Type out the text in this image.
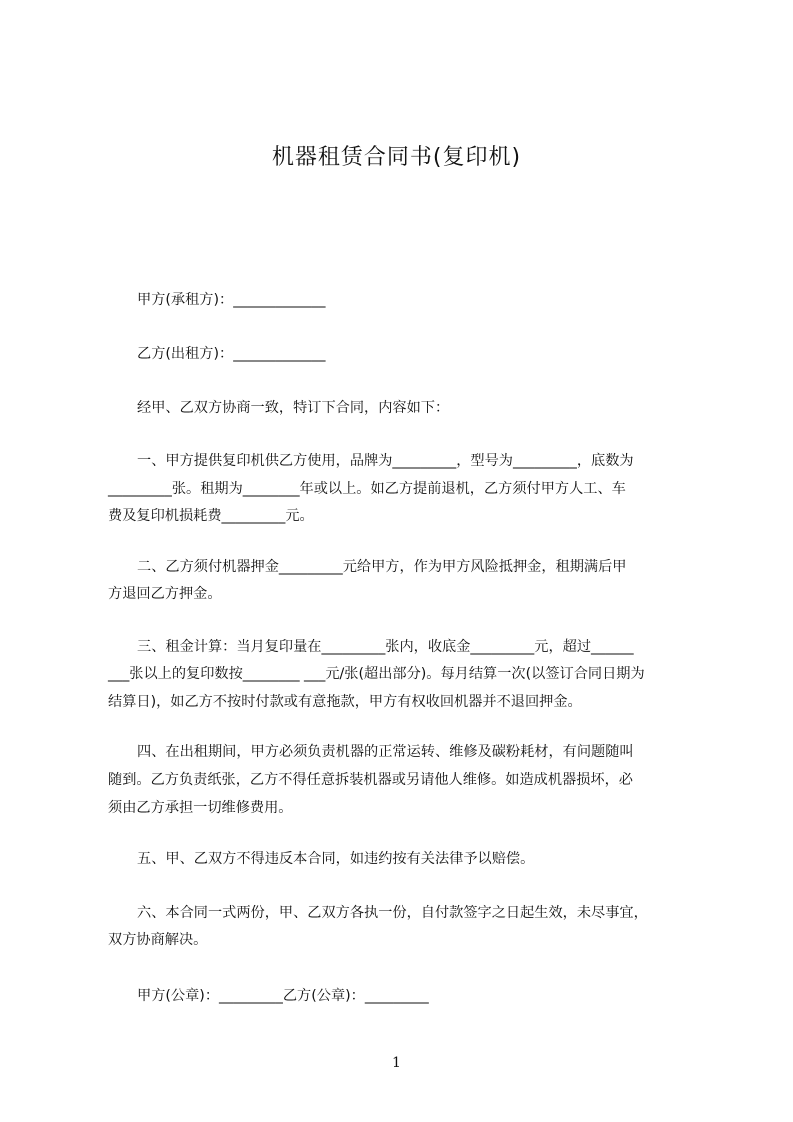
机器租赁合同书(复印机)

甲方(承租方)：_____________

乙方(出租方)：_____________

经甲、乙双方协商一致，特订下合同，内容如下：

一、甲方提供复印机供乙方使用，品牌为_________，型号为_________，底数为

_________张。租期为________年或以上。如乙方提前退机，乙方须付甲方人工、车

费及复印机损耗费_________元。

二、乙方须付机器押金_________元给甲方，作为甲方风险抵押金，租期满后甲

方退回乙方押金。

三、租金计算：当月复印量在_________张内，收底金_________元，超过______

___张以上的复印数按________ ___元/张(超出部分)。每月结算一次(以签订合同日期为

结算日)，如乙方不按时付款或有意拖款，甲方有权收回机器并不退回押金。

四、在出租期间，甲方必须负责机器的正常运转、维修及碳粉耗材，有问题随叫

随到。乙方负责纸张，乙方不得任意拆装机器或另请他人维修。如造成机器损坏，必

须由乙方承担一切维修费用。

五、甲、乙双方不得违反本合同，如违约按有关法律予以赔偿。

六、本合同一式两份，甲、乙双方各执一份，自付款签字之日起生效，未尽事宜，

双方协商解决。

甲方(公章)：_________乙方(公章)：_________

1
